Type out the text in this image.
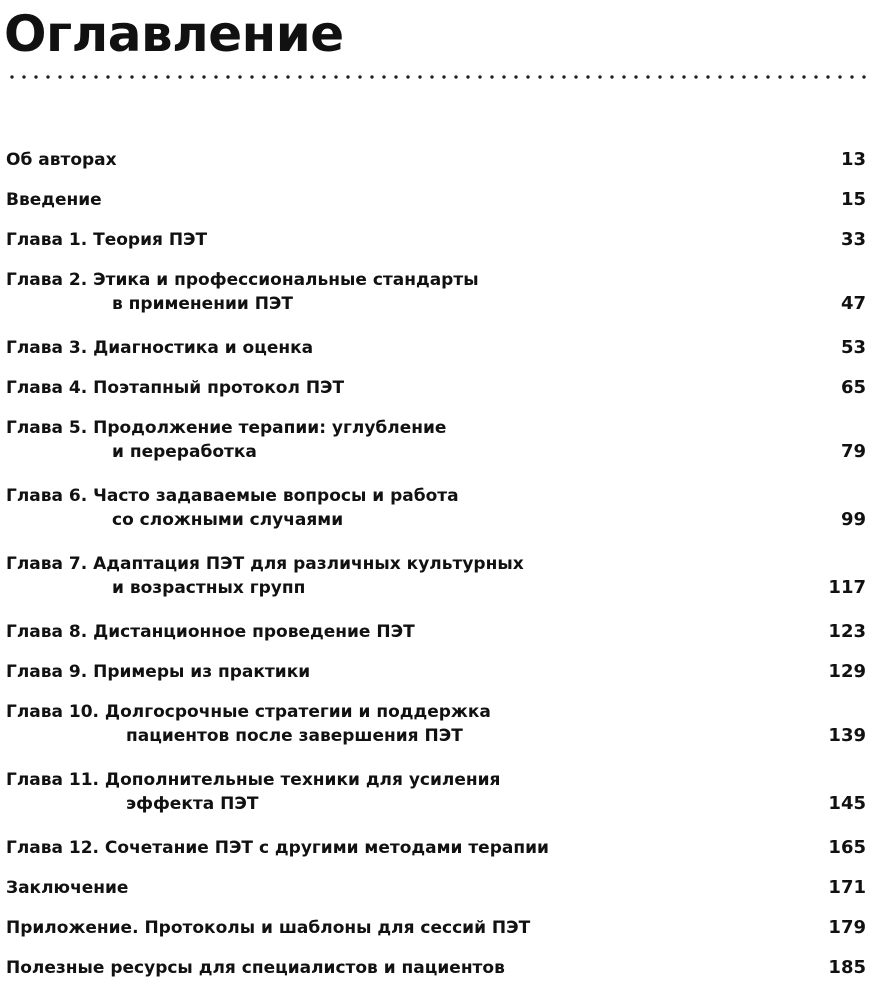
Оглавление
Об авторах	13
Введение	15
Глава 1. Теория ПЭТ	33
Глава 2. Этика и профессиональные стандарты
в применении ПЭТ	47
Глава 3. Диагностика и оценка	53
Глава 4. Поэтапный протокол ПЭТ	65
Глава 5. Продолжение терапии: углубление
и переработка	79
Глава 6. Часто задаваемые вопросы и работа
со сложными случаями	99
Глава 7. Адаптация ПЭТ для различных культурных
и возрастных групп	117
Глава 8. Дистанционное проведение ПЭТ	123
Глава 9. Примеры из практики	129
Глава 10. Долгосрочные стратегии и поддержка
пациентов после завершения ПЭТ	139
Глава 11. Дополнительные техники для усиления
эффекта ПЭТ	145
Глава 12. Сочетание ПЭТ с другими методами терапии	165
Заключение	171
Приложение. Протоколы и шаблоны для сессий ПЭТ	179
Полезные ресурсы для специалистов и пациентов	185
